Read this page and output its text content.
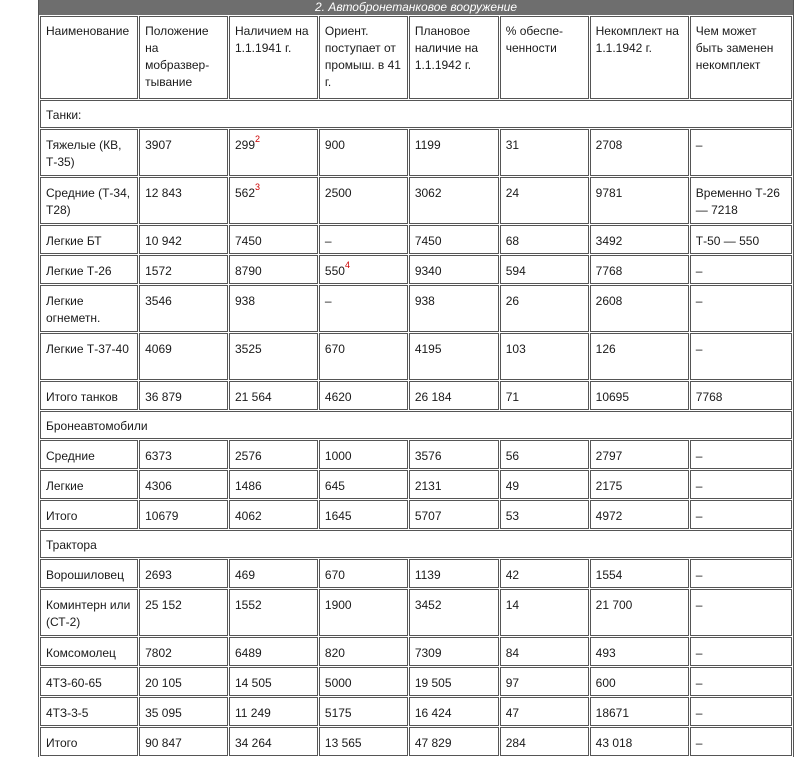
2. Автобронетанковое вооружение
Наименование	Положение на мобразвер-тывание	Наличием на 1.1.1941 г.	Ориент. поступает от промыш. в 41 г.	Плановое наличие на 1.1.1942 г.	% обеспе-ченности	Некомплект на 1.1.1942 г.	Чем может быть заменен некомплект
Танки:							
Тяжелые (КВ, Т-35)	3907	299$^2$	900	1199	31	2708	–
Средние (Т-34, Т28)	12 843	562$^3$	2500	3062	24	9781	Временно Т-26 — 7218
Легкие БТ	10 942	7450	–	7450	68	3492	Т-50 — 550
Легкие Т-26	1572	8790	550$^4$	9340	594	7768	–
Легкие огнеметн.	3546	938	–	938	26	2608	–
Легкие Т-37-40	4069	3525	670	4195	103	126	–
Итого танков	36 879	21 564	4620	26 184	71	10695	7768
Бронеавтомобили							
Средние	6373	2576	1000	3576	56	2797	–
Легкие	4306	1486	645	2131	49	2175	–
Итого	10679	4062	1645	5707	53	4972	–
Трактора							
Ворошиловец	2693	469	670	1139	42	1554	–
Коминтерн или (СТ-2)	25 152	1552	1900	3452	14	21 700	–
Комсомолец	7802	6489	820	7309	84	493	–
4ТЗ-60-65	20 105	14 505	5000	19 505	97	600	–
4ТЗ-3-5	35 095	11 249	5175	16 424	47	18671	–
Итого	90 847	34 264	13 565	47 829	284	43 018	–
